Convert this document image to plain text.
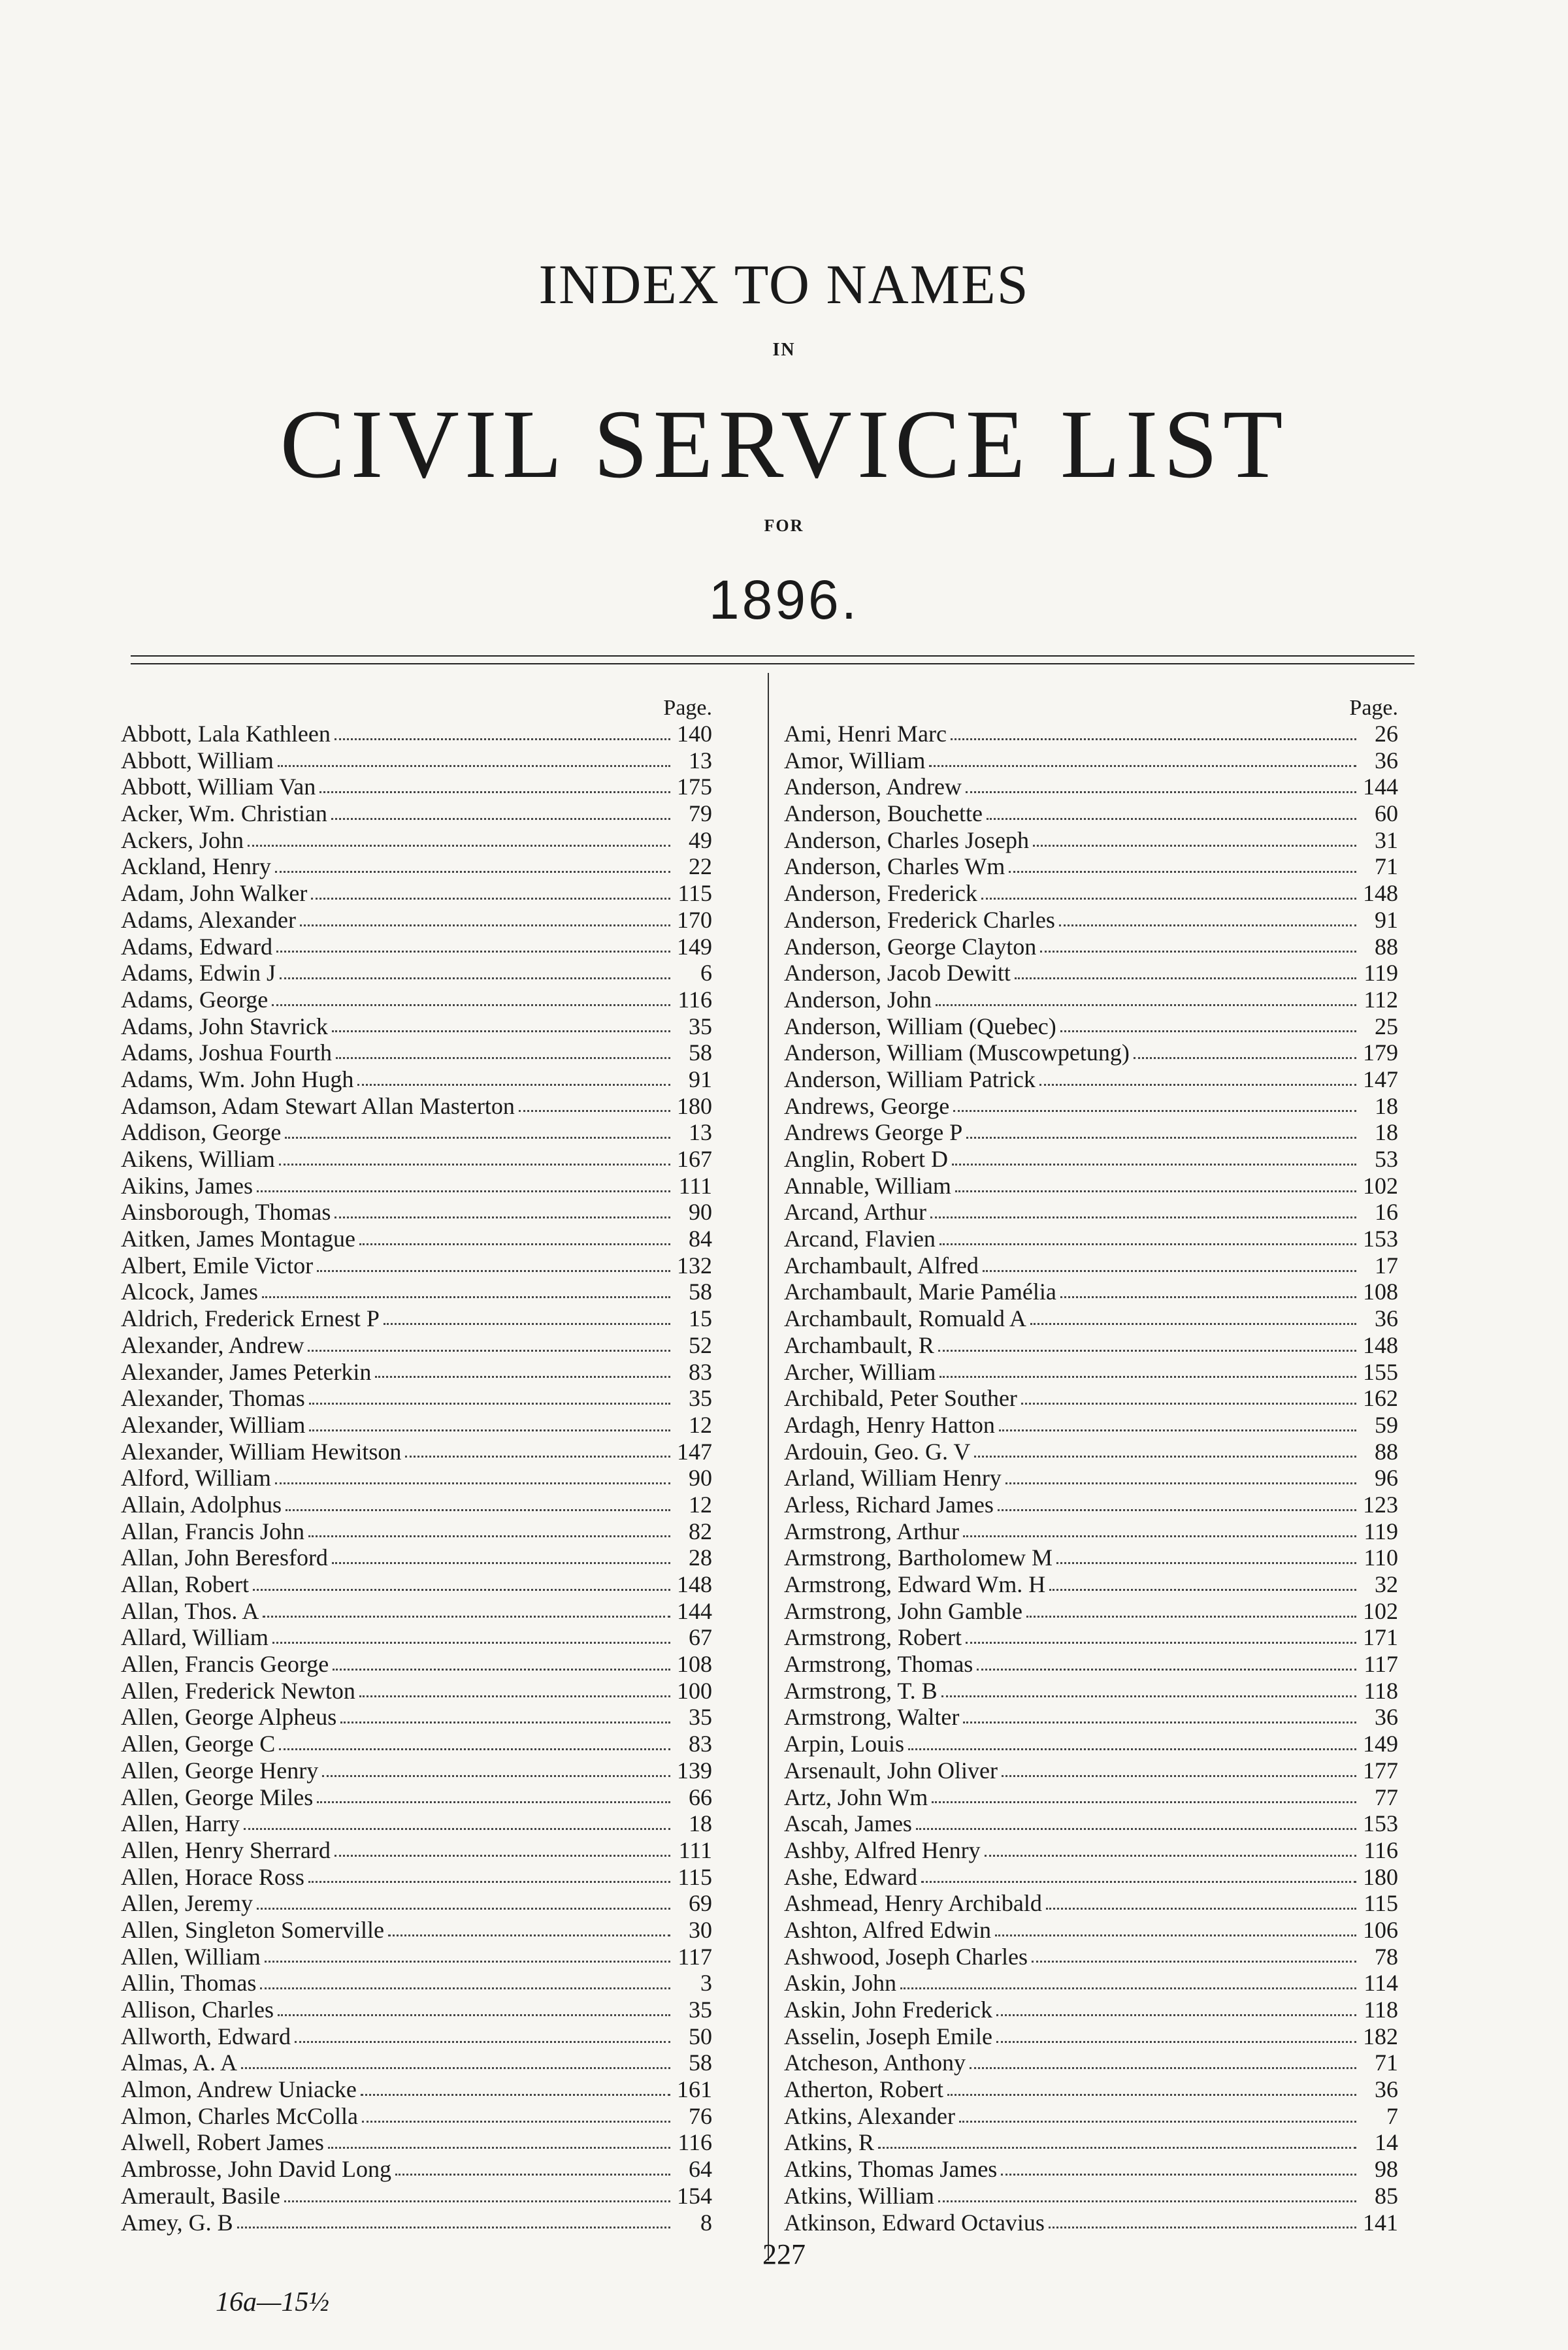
INDEX TO NAMES
IN
CIVIL SERVICE LIST
FOR
1896.
Page.
Abbott, Lala Kathleen	140
Abbott, William	13
Abbott, William Van	175
Acker, Wm. Christian	79
Ackers, John	49
Ackland, Henry	22
Adam, John Walker	115
Adams, Alexander	170
Adams, Edward	149
Adams, Edwin J	6
Adams, George	116
Adams, John Stavrick	35
Adams, Joshua Fourth	58
Adams, Wm. John Hugh	91
Adamson, Adam Stewart Allan Masterton	180
Addison, George	13
Aikens, William	167
Aikins, James	111
Ainsborough, Thomas	90
Aitken, James Montague	84
Albert, Emile Victor	132
Alcock, James	58
Aldrich, Frederick Ernest P	15
Alexander, Andrew	52
Alexander, James Peterkin	83
Alexander, Thomas	35
Alexander, William	12
Alexander, William Hewitson	147
Alford, William	90
Allain, Adolphus	12
Allan, Francis John	82
Allan, John Beresford	28
Allan, Robert	148
Allan, Thos. A	144
Allard, William	67
Allen, Francis George	108
Allen, Frederick Newton	100
Allen, George Alpheus	35
Allen, George C	83
Allen, George Henry	139
Allen, George Miles	66
Allen, Harry	18
Allen, Henry Sherrard	111
Allen, Horace Ross	115
Allen, Jeremy	69
Allen, Singleton Somerville	30
Allen, William	117
Allin, Thomas	3
Allison, Charles	35
Allworth, Edward	50
Almas, A. A	58
Almon, Andrew Uniacke	161
Almon, Charles McColla	76
Alwell, Robert James	116
Ambrosse, John David Long	64
Amerault, Basile	154
Amey, G. B	8
Page.
Ami, Henri Marc	26
Amor, William	36
Anderson, Andrew	144
Anderson, Bouchette	60
Anderson, Charles Joseph	31
Anderson, Charles Wm	71
Anderson, Frederick	148
Anderson, Frederick Charles	91
Anderson, George Clayton	88
Anderson, Jacob Dewitt	119
Anderson, John	112
Anderson, William (Quebec)	25
Anderson, William (Muscowpetung)	179
Anderson, William Patrick	147
Andrews, George	18
Andrews George P	18
Anglin, Robert D	53
Annable, William	102
Arcand, Arthur	16
Arcand, Flavien	153
Archambault, Alfred	17
Archambault, Marie Pamélia	108
Archambault, Romuald A	36
Archambault, R	148
Archer, William	155
Archibald, Peter Souther	162
Ardagh, Henry Hatton	59
Ardouin, Geo. G. V	88
Arland, William Henry	96
Arless, Richard James	123
Armstrong, Arthur	119
Armstrong, Bartholomew M	110
Armstrong, Edward Wm. H	32
Armstrong, John Gamble	102
Armstrong, Robert	171
Armstrong, Thomas	117
Armstrong, T. B	118
Armstrong, Walter	36
Arpin, Louis	149
Arsenault, John Oliver	177
Artz, John Wm	77
Ascah, James	153
Ashby, Alfred Henry	116
Ashe, Edward	180
Ashmead, Henry Archibald	115
Ashton, Alfred Edwin	106
Ashwood, Joseph Charles	78
Askin, John	114
Askin, John Frederick	118
Asselin, Joseph Emile	182
Atcheson, Anthony	71
Atherton, Robert	36
Atkins, Alexander	7
Atkins, R	14
Atkins, Thomas James	98
Atkins, William	85
Atkinson, Edward Octavius	141
227
16a—15½
